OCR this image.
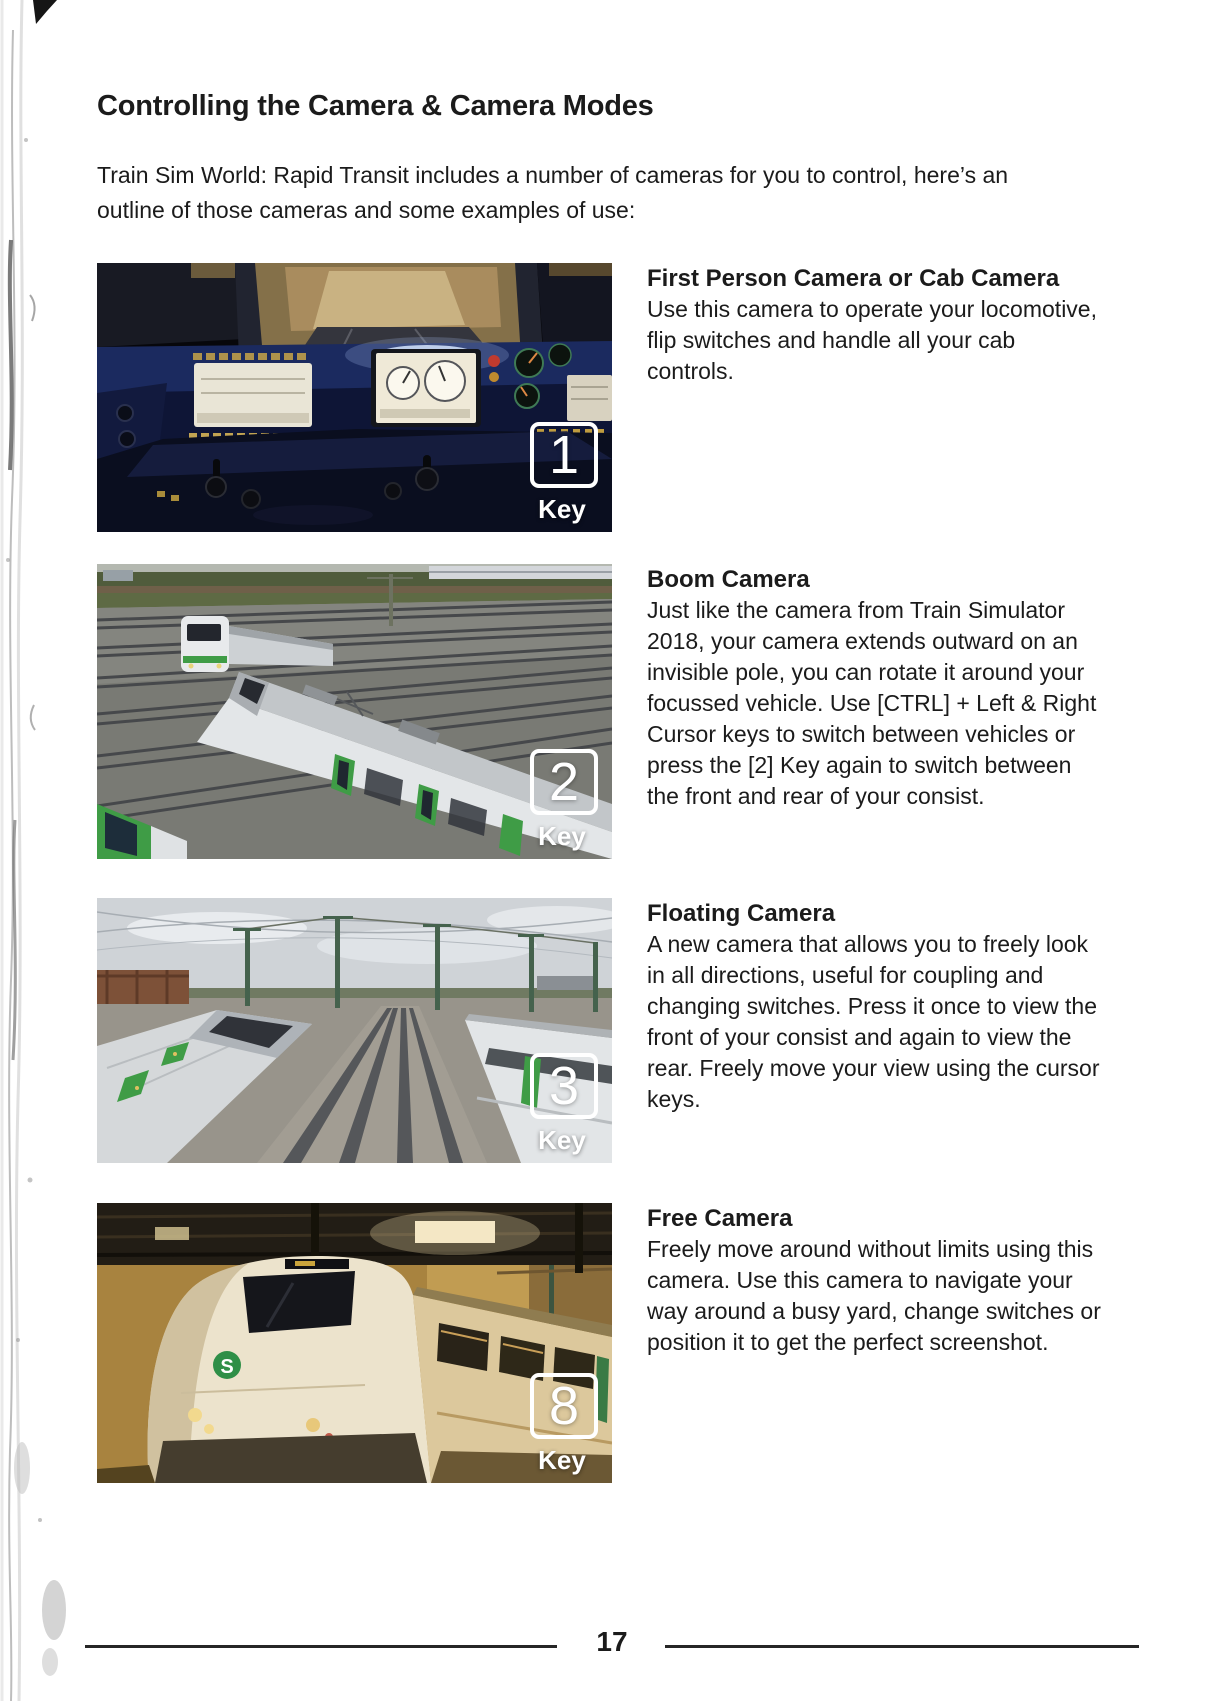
Controlling the Camera & Camera Modes

Train Sim World: Rapid Transit includes a number of cameras for you to control, here’s an outline of those cameras and some examples of use:

1
Key
First Person Camera or Cab Camera
Use this camera to operate your locomotive, flip switches and handle all your cab controls.
2
Key
Boom Camera
Just like the camera from Train Simulator 2018, your camera extends outward on an invisible pole, you can rotate it around your focussed vehicle. Use [CTRL] + Left & Right Cursor keys to switch between vehicles or press the [2] Key again to switch between the front and rear of your consist.
3
Key
Floating Camera
A new camera that allows you to freely look in all directions, useful for coupling and changing switches. Press it once to view the front of your consist and again to view the rear. Freely move your view using the cursor keys.
S
8
Key
Free Camera
Freely move around without limits using this camera. Use this camera to navigate your way around a busy yard, change switches or position it to get the perfect screenshot.
17
